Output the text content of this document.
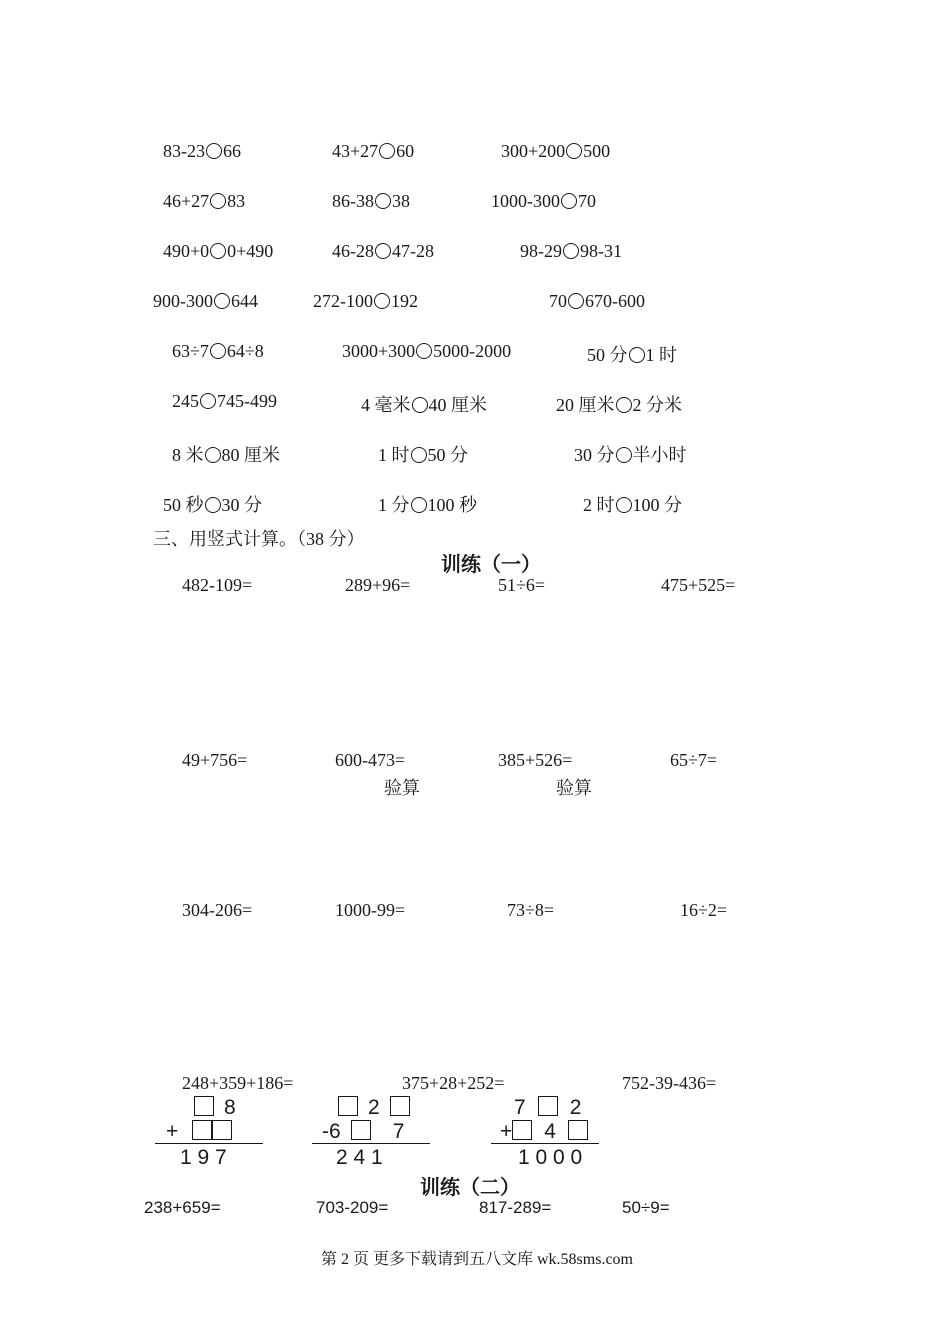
83-23 66	43+27 60	300+200 500
46+27 83	86-38 38	1000-300 70
490+0 0+490	46-28 47-28	98-29 98-31
900-300 644	272-100 192	70 670-600
63÷7 64÷8	3000+300 5000-2000	50 分 1 时
245 745-499	4 毫米 40 厘米	20 厘米 2 分米
8 米 80 厘米	1 时 50 分	30 分 半小时
50 秒 30 分	1 分 100 秒	2 时 100 分
三、用竖式计算。（38 分）
训练（一）
482-109=	289+96=	51÷6=	475+525=
49+756=	600-473=	385+526=	65÷7=
验算	验算
304-206=	1000-99=	73÷8=	16÷2=
248+359+186=	375+28+252=	752-39-436=
8
+
1 9 7
2
-6 7
2 4 1
7 2
+ 4
1 0 0 0
训练（二）
238+659=	703-209=	817-289=	50÷9=
第 2 页 更多下载请到五八文库 wk.58sms.com
